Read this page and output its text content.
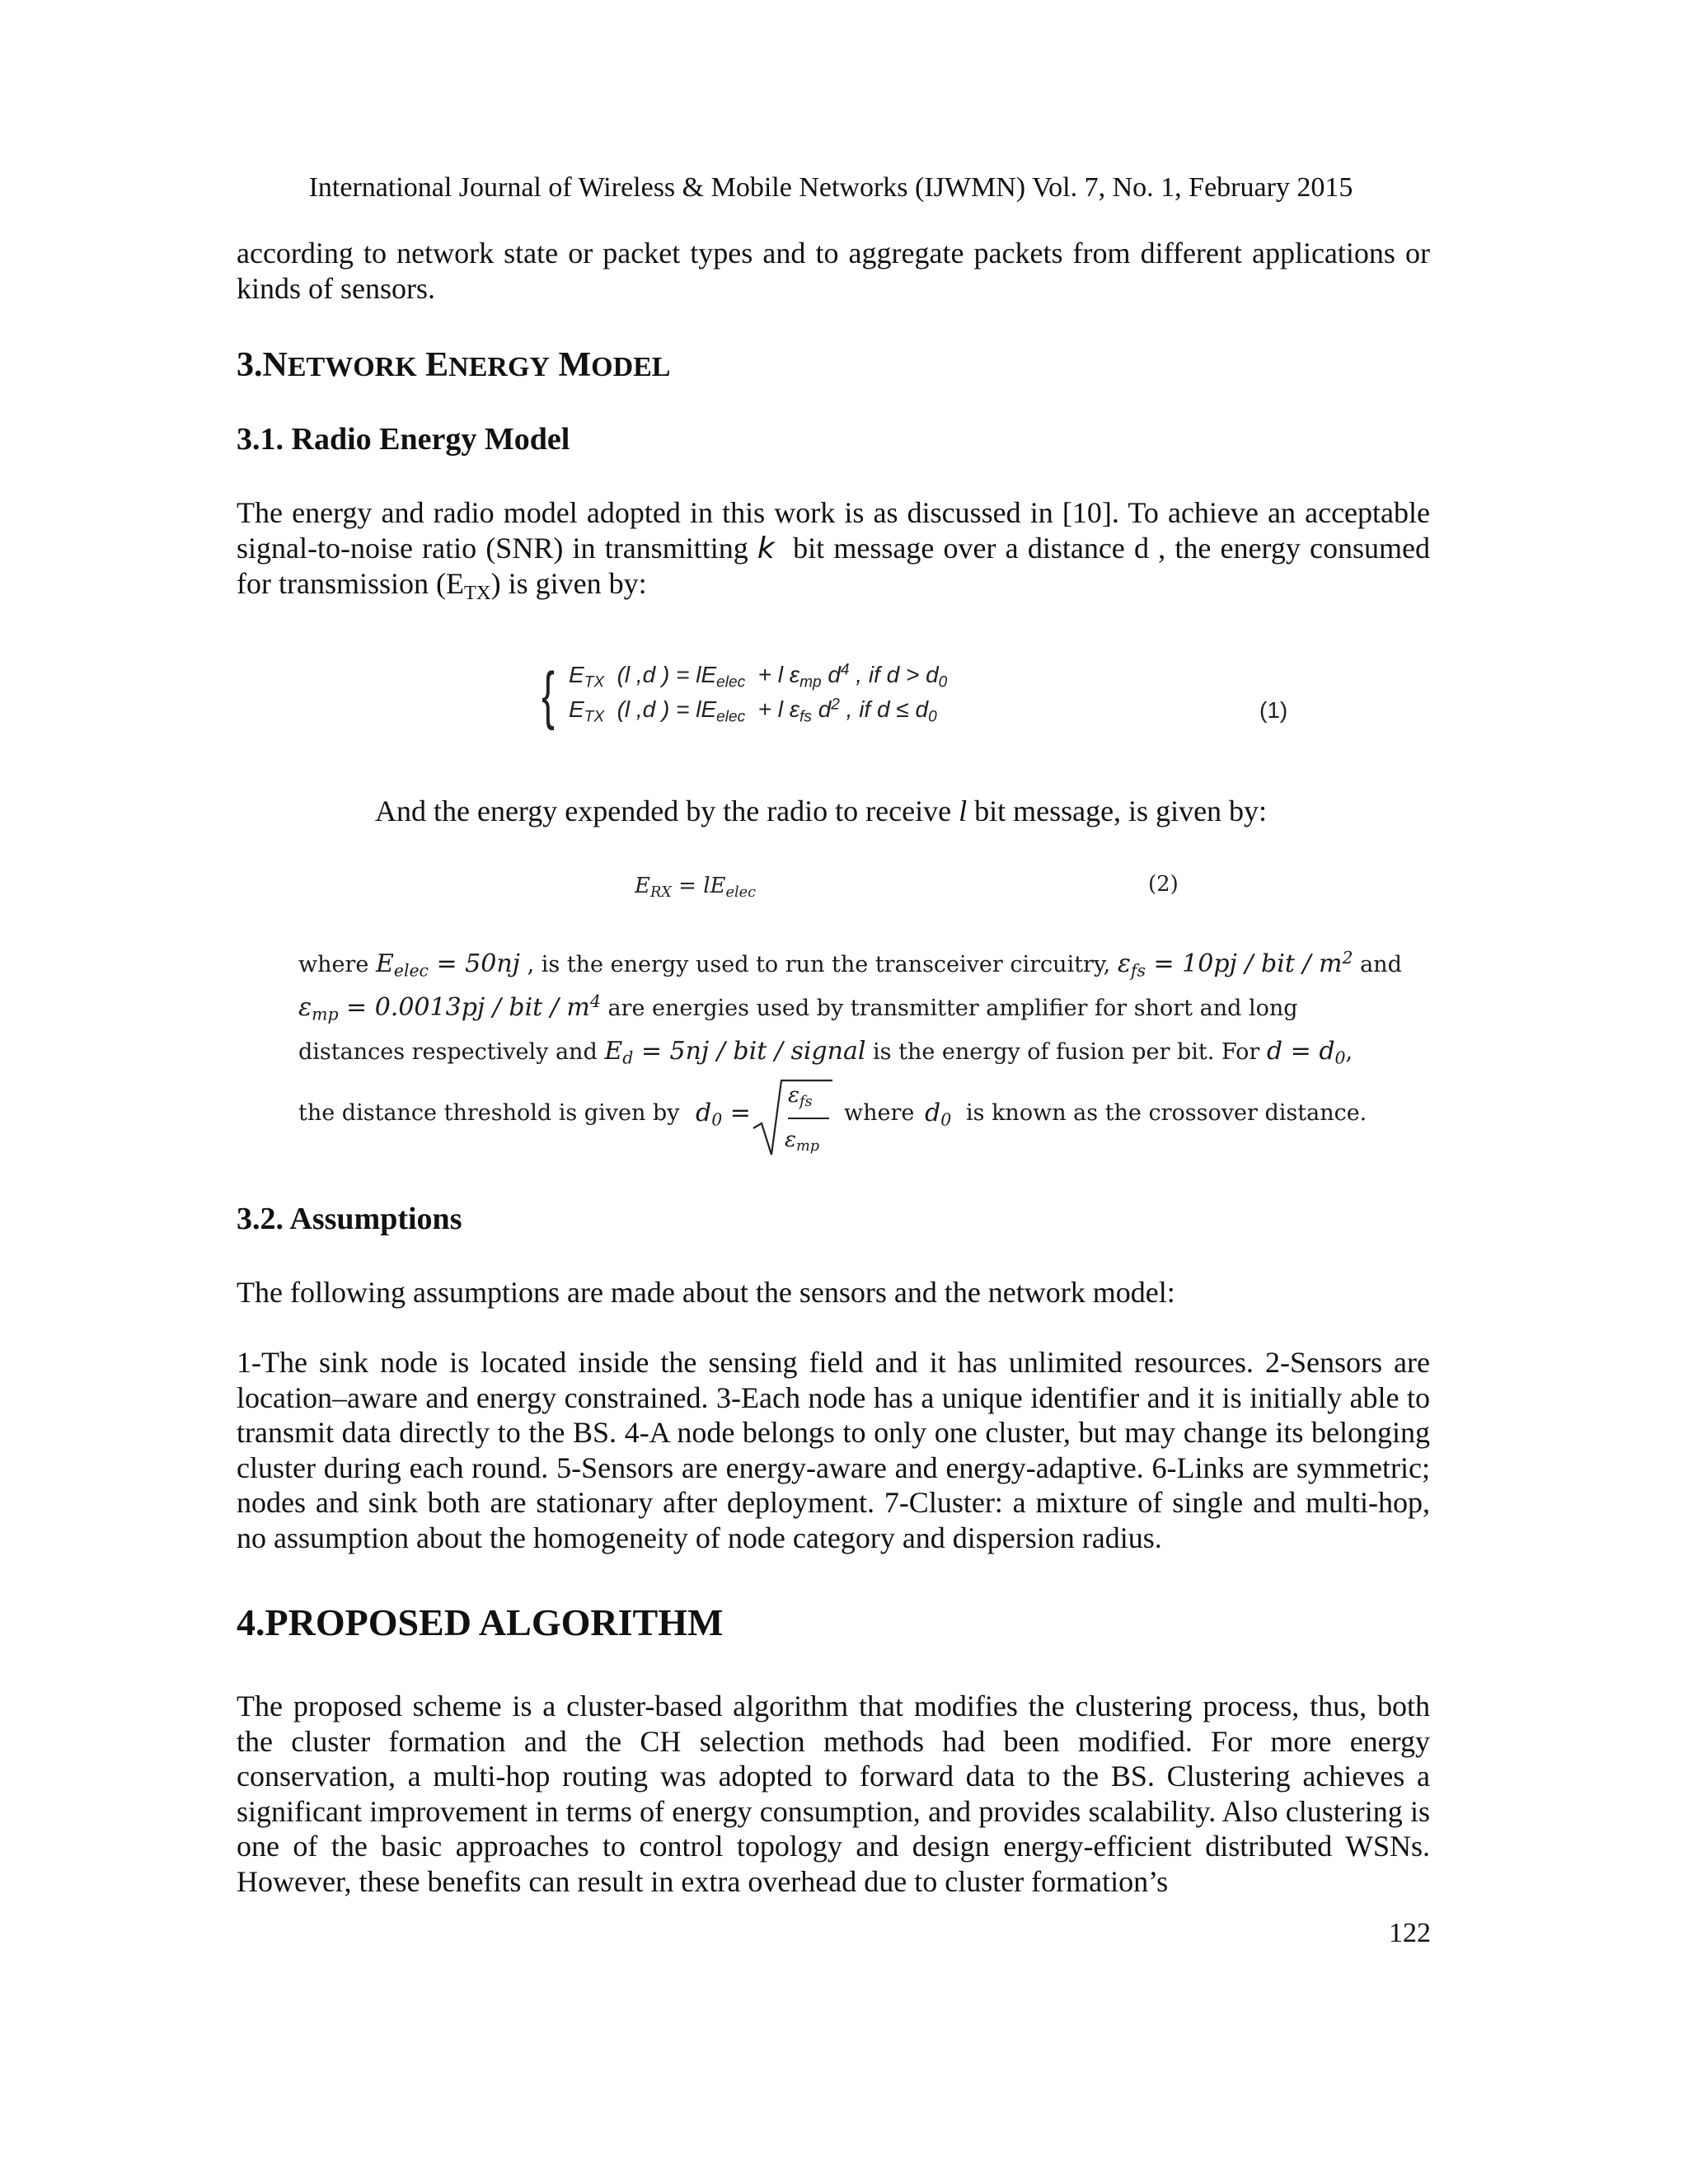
International Journal of Wireless & Mobile Networks (IJWMN) Vol. 7, No. 1, February 2015

according to network state or packet types and to aggregate packets from different applications or kinds of sensors.

3.NETWORK ENERGY MODEL
3.1. Radio Energy Model

The energy and radio model adopted in this work is as discussed in [10]. To achieve an acceptable signal-to-noise ratio (SNR) in transmitting k bit message over a distance d , the energy consumed for transmission $(E_{TX})$ is given by:

{ $E_{TX}$ (l ,d ) = $lE_{elec} + l$ $\varepsilon_{mp}$ $d^4$ , if $d > d_0$
$E_{TX}$ (l ,d ) = $lE_{elec} + l$ $\varepsilon_{fs}$ $d^2$ , if $d \le d_0$	(1)

And the energy expended by the radio to receive l bit message, is given by:

$E_{RX} = lE_{elec}$	(2)
where $E_{elec} = 50nj$ , is the energy used to run the transceiver circuitry, $\varepsilon_{fs} = 10pj$ / bit / $m^2$ and
$\varepsilon_{mp} = 0.0013pj$ / bit / $m^4$ are energies used by transmitter amplifier for short and long
distances respectively and $E_d = 5nj$ / bit / signal is the energy of fusion per bit. For $d = d_0$,
the distance threshold is given by $d_0$ =
$\varepsilon_{fs}$
$\varepsilon_{mp}$
where $d_0$ is known as the crossover distance.
3.2. Assumptions

The following assumptions are made about the sensors and the network model:

1-The sink node is located inside the sensing field and it has unlimited resources. 2-Sensors are location–aware and energy constrained. 3-Each node has a unique identifier and it is initially able to transmit data directly to the BS. 4-A node belongs to only one cluster, but may change its belonging cluster during each round. 5-Sensors are energy-aware and energy-adaptive. 6-Links are symmetric; nodes and sink both are stationary after deployment. 7-Cluster: a mixture of single and multi-hop, no assumption about the homogeneity of node category and dispersion radius.

4.PROPOSED ALGORITHM

The proposed scheme is a cluster-based algorithm that modifies the clustering process, thus, both the cluster formation and the CH selection methods had been modified. For more energy conservation, a multi-hop routing was adopted to forward data to the BS. Clustering achieves a significant improvement in terms of energy consumption, and provides scalability. Also clustering is one of the basic approaches to control topology and design energy-efficient distributed WSNs. However, these benefits can result in extra overhead due to cluster formation’s

122
